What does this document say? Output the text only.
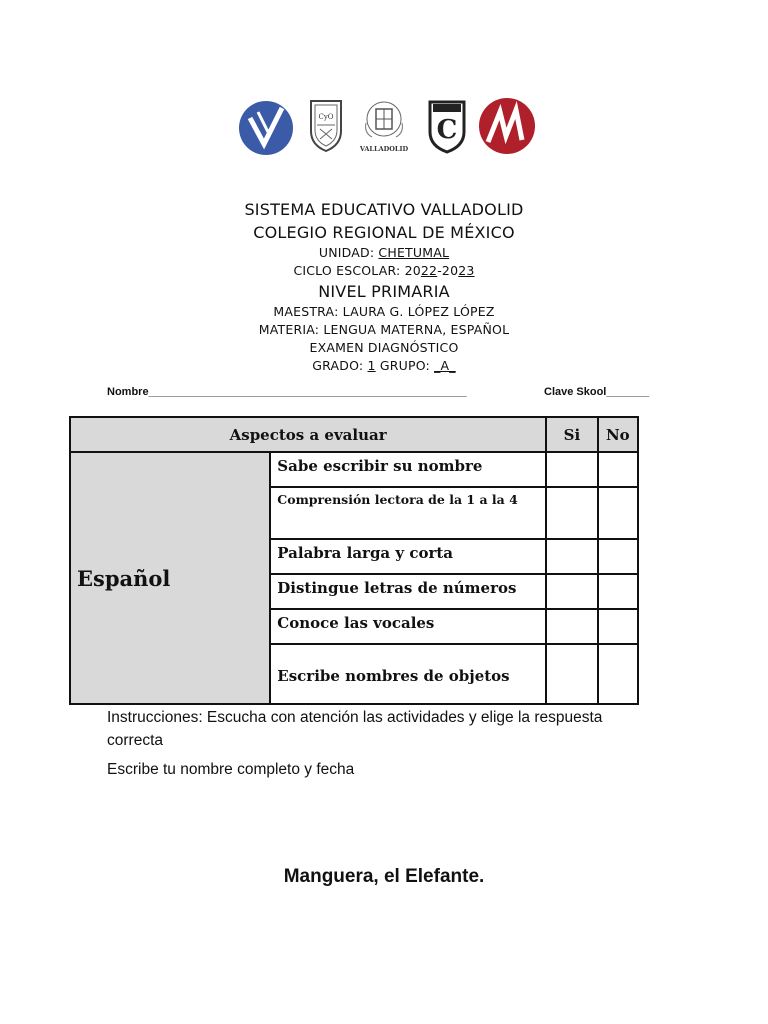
CyO
VALLADOLID
C
SISTEMA EDUCATIVO VALLADOLID
COLEGIO REGIONAL DE MÉXICO
UNIDAD: CHETUMAL
CICLO ESCOLAR: 2022-2023
NIVEL PRIMARIA
MAESTRA: LAURA G. LÓPEZ LÓPEZ
MATERIA: LENGUA MATERNA, ESPAÑOL
EXAMEN DIAGNÓSTICO
GRADO: 1 GRUPO: _A_
Nombre____________________________________________________	Clave Skool_______
Aspectos a evaluar		Si	No
Español	Sabe escribir su nombre		
	Comprensión lectora de la 1 a la 4		
	Palabra larga y corta		
	Distingue letras de números		
	Conoce las vocales		
	Escribe nombres de objetos		
Instrucciones: Escucha con atención las actividades y elige la respuesta correcta
Escribe tu nombre completo y fecha
Manguera, el Elefante.
